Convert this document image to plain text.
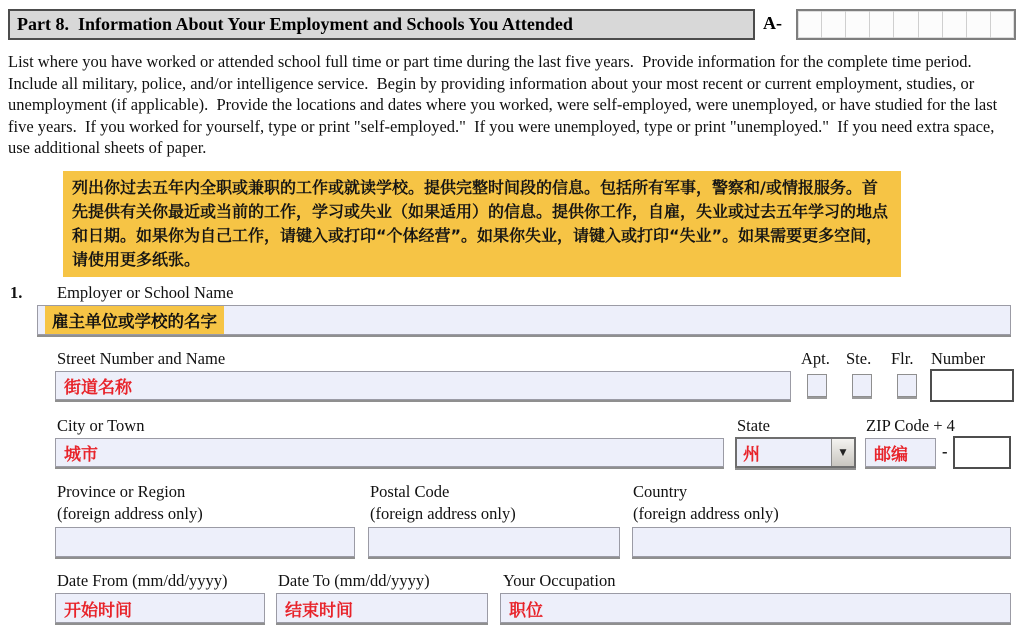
Part 8.  Information About Your Employment and Schools You Attended	A-
List where you have worked or attended school full time or part time during the last five years.  Provide information for the complete time period.  Include all military, police, and/or intelligence service.  Begin by providing information about your most recent or current employment, studies, or unemployment (if applicable).  Provide the locations and dates where you worked, were self-employed, were unemployed, or have studied for the last five years.  If you worked for yourself, type or print "self-employed."  If you were unemployed, type or print "unemployed."  If you need extra space, use additional sheets of paper.
列出你过去五年内全职或兼职的工作或就读学校。提供完整时间段的信息。包括所有军事，警察和/或情报服务。首先提供有关你最近或当前的工作，学习或失业（如果适用）的信息。提供你工作，自雇，失业或过去五年学习的地点和日期。如果你为自己工作，请键入或打印“个体经营”。如果你失业，请键入或打印“失业”。如果需要更多空间，请使用更多纸张。
1. Employer or School Name
雇主单位或学校的名字
Street Number and Name	Apt. Ste. Flr. Number
街道名称
City or Town	State	ZIP Code + 4
城市	州	▼	邮编 -
Province or Region
(foreign address only)
Postal Code
(foreign address only)
Country
(foreign address only)
Date From (mm/dd/yyyy)	Date To (mm/dd/yyyy)	Your Occupation
开始时间	结束时间	职位
